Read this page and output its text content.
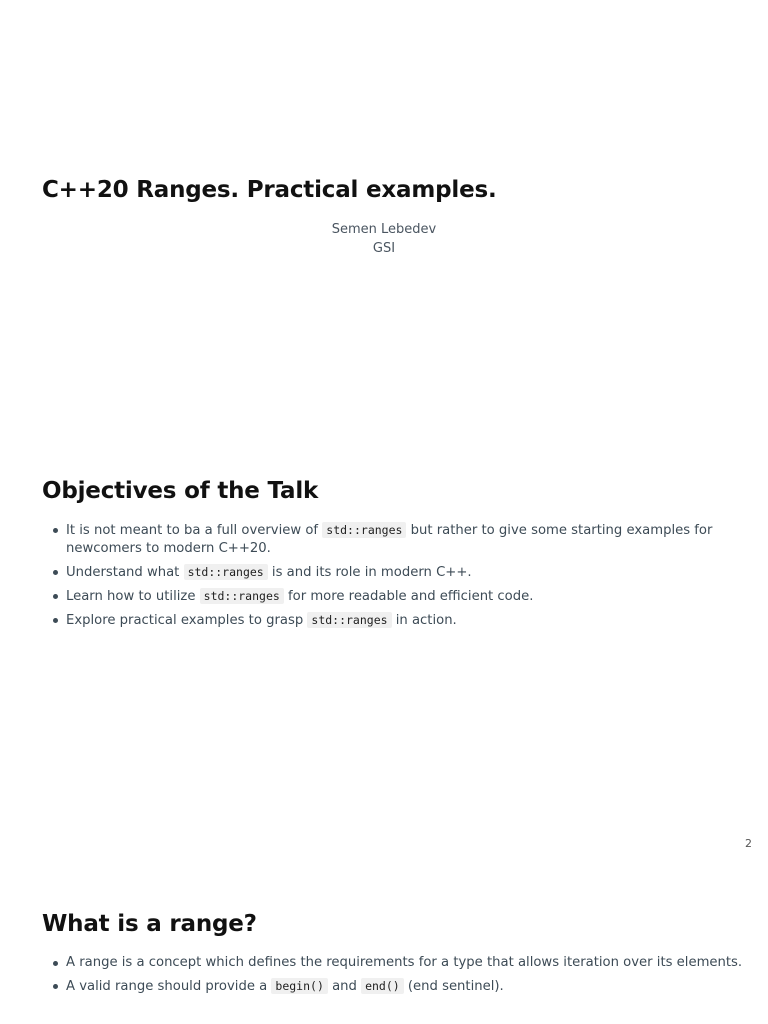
C++20 Ranges. Practical examples.
Semen Lebedev
GSI
Objectives of the Talk
It is not meant to ba a full overview of std::ranges but rather to give some starting examples for newcomers to modern C++20.
Understand what std::ranges is and its role in modern C++.
Learn how to utilize std::ranges for more readable and efficient code.
Explore practical examples to grasp std::ranges in action.
2
What is a range?
A range is a concept which defines the requirements for a type that allows iteration over its elements.
A valid range should provide a begin() and end() (end sentinel).
